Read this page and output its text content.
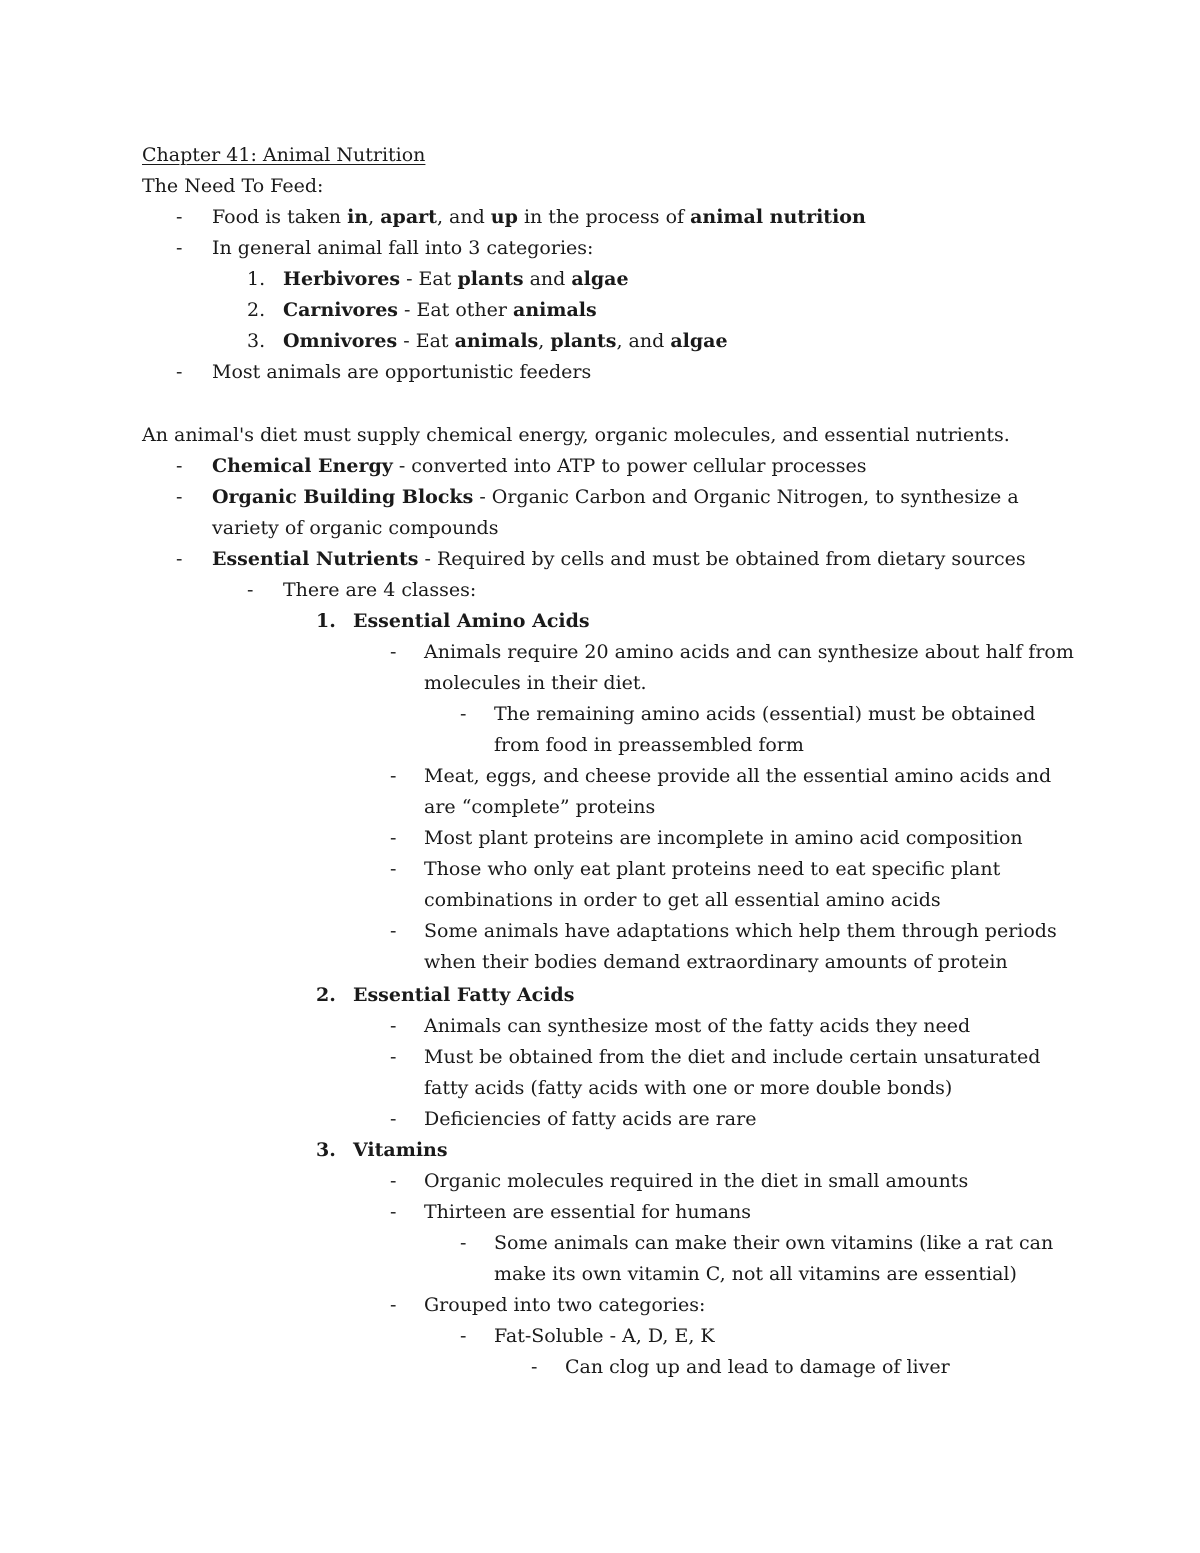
Chapter 41: Animal Nutrition
The Need To Feed:
- Food is taken in, apart, and up in the process of animal nutrition
- In general animal fall into 3 categories:
1. Herbivores - Eat plants and algae
2. Carnivores - Eat other animals
3. Omnivores - Eat animals, plants, and algae
- Most animals are opportunistic feeders
An animal's diet must supply chemical energy, organic molecules, and essential nutrients.
- Chemical Energy - converted into ATP to power cellular processes
- Organic Building Blocks - Organic Carbon and Organic Nitrogen, to synthesize a
variety of organic compounds
- Essential Nutrients - Required by cells and must be obtained from dietary sources
- There are 4 classes:
1. Essential Amino Acids
- Animals require 20 amino acids and can synthesize about half from
molecules in their diet.
- The remaining amino acids (essential) must be obtained
from food in preassembled form
- Meat, eggs, and cheese provide all the essential amino acids and
are “complete” proteins
- Most plant proteins are incomplete in amino acid composition
- Those who only eat plant proteins need to eat specific plant
combinations in order to get all essential amino acids
- Some animals have adaptations which help them through periods
when their bodies demand extraordinary amounts of protein
2. Essential Fatty Acids
- Animals can synthesize most of the fatty acids they need
- Must be obtained from the diet and include certain unsaturated
fatty acids (fatty acids with one or more double bonds)
- Deficiencies of fatty acids are rare
3. Vitamins
- Organic molecules required in the diet in small amounts
- Thirteen are essential for humans
- Some animals can make their own vitamins (like a rat can
make its own vitamin C, not all vitamins are essential)
- Grouped into two categories:
- Fat-Soluble - A, D, E, K
- Can clog up and lead to damage of liver
